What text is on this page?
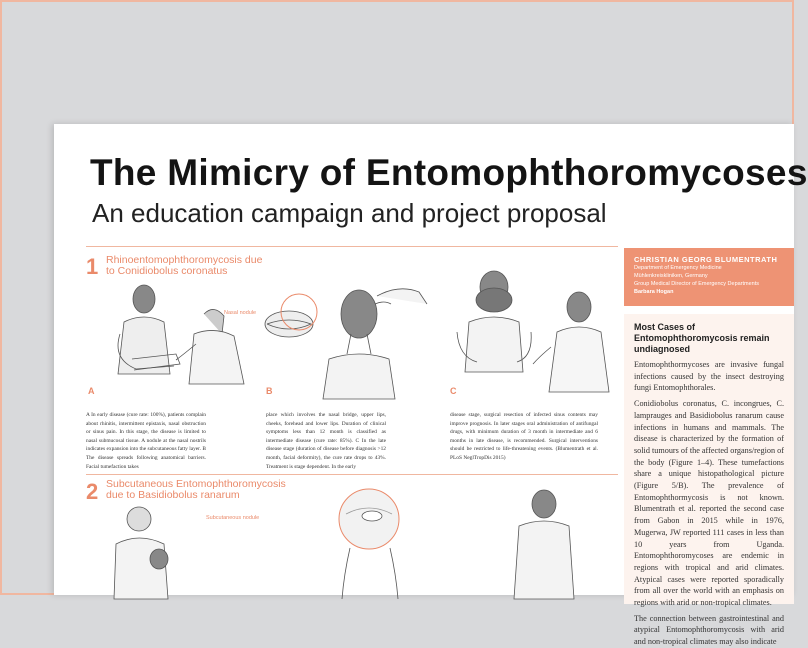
The Mimicry of Entomophthoromycoses
An education campaign and project proposal
1 Rhinoentomophthoromycosis due
to Conidiobolus coronatus
A
Nasal nodule
B	C
A In early disease (cure rate: 100%), patients complain about rhinitis, intermittent epistaxis, nasal obstruction or sinus pain. In this stage, the disease is limited to nasal submucosal tissue. A nodule at the nasal nostrils indicates expansion into the subcutaneous fatty layer. B The disease spreads following anatomical barriers. Facial tumefaction takes
place which involves the nasal bridge, upper lips, cheeks, forehead and lower lips. Duration of clinical symptoms less than 12 month is classified as intermediate disease (cure rate: 85%). C In the late disease stage (duration of disease before diagnosis >12 month, facial deformity), the cure rate drops to 43%. Treatment is stage dependent. In the early
disease stage, surgical resection of infected sinus contents may improve prognosis. In later stages oral administration of antifungal drugs, with minimum duration of 3 month in intermediate and 6 months in late disease, is recommended. Surgical interventions should be restricted to life-threatening events. (Blumentrath et al. PLoS NeglTropDis 2015)
2 Subcutaneous Entomophthoromycosis
due to Basidiobolus ranarum
Subcutaneous nodule
CHRISTIAN GEORG BLUMENTRATH
Department of Emergency Medicine
Mühlenkreiskliniken, Germany
Group Medical Director of Emergency Departments
Barbara Hogan
Most Cases of Entomophthoromycosis remain undiagnosed

Entomophthormycoses are invasive fungal infections caused by the insect destroying fungi Entomophthorales.

Conidiobolus coronatus, C. incongrues, C. lamprauges and Basidiobolus ranarum cause infections in humans and mammals. The disease is characterized by the formation of solid tumours of the affected organs/region of the body (Figure 1–4). These tumefactions share a unique histopathological picture (Figure 5/B). The prevalence of Entomophthormycosis is not known. Blumentrath et al. reported the second case from Gabon in 2015 while in 1976, Mugerwa, JW reported 111 cases in less than 10 years from Uganda. Entomophthoromycoses are endemic in regions with tropical and arid climates. Atypical cases were reported sporadically from all over the world with an emphasis on regions with arid or non-tropical climates.

The connection between gastrointestinal and atypical Entomophthoromycosis with arid and non-tropical climates may also indicate
